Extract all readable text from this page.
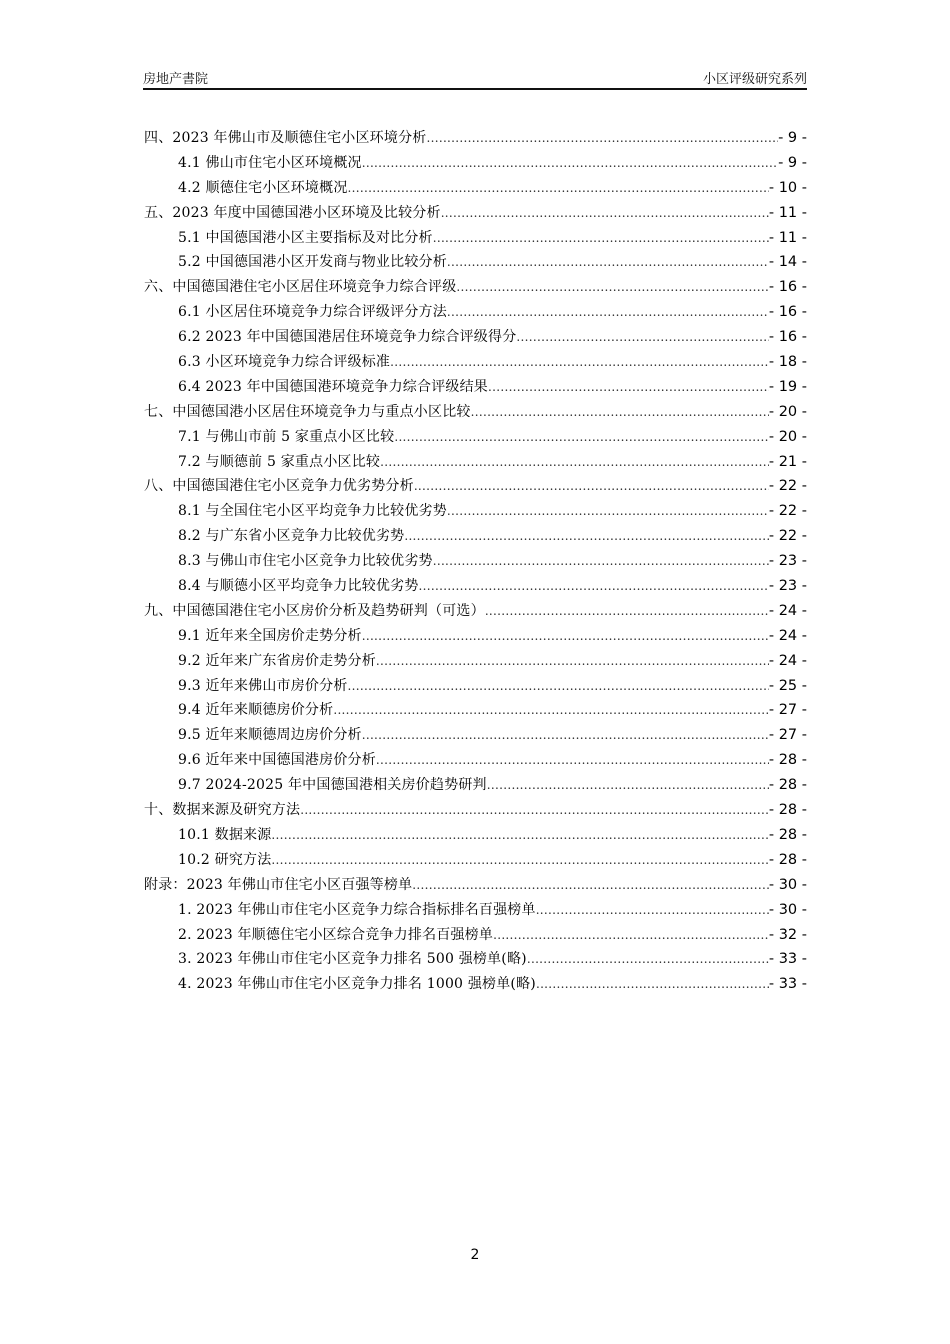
房地产書院	小区评级研究系列
四、2023 年佛山市及顺德住宅小区环境分析 .....	- 9 -
4.1 佛山市住宅小区环境概况 .....	- 9 -
4.2 顺德住宅小区环境概况 .....	- 10 -
五、2023 年度中国德国港小区环境及比较分析 .....	- 11 -
5.1 中国德国港小区主要指标及对比分析 .....	- 11 -
5.2 中国德国港小区开发商与物业比较分析 .....	- 14 -
六、中国德国港住宅小区居住环境竞争力综合评级 .....	- 16 -
6.1 小区居住环境竞争力综合评级评分方法 .....	- 16 -
6.2 2023 年中国德国港居住环境竞争力综合评级得分 .....	- 16 -
6.3 小区环境竞争力综合评级标准 .....	- 18 -
6.4 2023 年中国德国港环境竞争力综合评级结果 .....	- 19 -
七、中国德国港小区居住环境竞争力与重点小区比较 .....	- 20 -
7.1 与佛山市前 5 家重点小区比较 .....	- 20 -
7.2 与顺德前 5 家重点小区比较 .....	- 21 -
八、中国德国港住宅小区竞争力优劣势分析 .....	- 22 -
8.1 与全国住宅小区平均竞争力比较优劣势 .....	- 22 -
8.2 与广东省小区竞争力比较优劣势 .....	- 22 -
8.3 与佛山市住宅小区竞争力比较优劣势 .....	- 23 -
8.4 与顺德小区平均竞争力比较优劣势 .....	- 23 -
九、中国德国港住宅小区房价分析及趋势研判（可选） .....	- 24 -
9.1 近年来全国房价走势分析 .....	- 24 -
9.2 近年来广东省房价走势分析 .....	- 24 -
9.3 近年来佛山市房价分析 .....	- 25 -
9.4 近年来顺德房价分析 .....	- 27 -
9.5 近年来顺德周边房价分析 .....	- 27 -
9.6 近年来中国德国港房价分析 .....	- 28 -
9.7 2024-2025 年中国德国港相关房价趋势研判 .....	- 28 -
十、数据来源及研究方法 .....	- 28 -
10.1 数据来源 .....	- 28 -
10.2 研究方法 .....	- 28 -
附录：2023 年佛山市住宅小区百强等榜单 .....	- 30 -
1. 2023 年佛山市住宅小区竞争力综合指标排名百强榜单 .....	- 30 -
2. 2023 年顺德住宅小区综合竞争力排名百强榜单 .....	- 32 -
3. 2023 年佛山市住宅小区竞争力排名 500 强榜单(略) .....	- 33 -
4. 2023 年佛山市住宅小区竞争力排名 1000 强榜单(略) .....	- 33 -
2
